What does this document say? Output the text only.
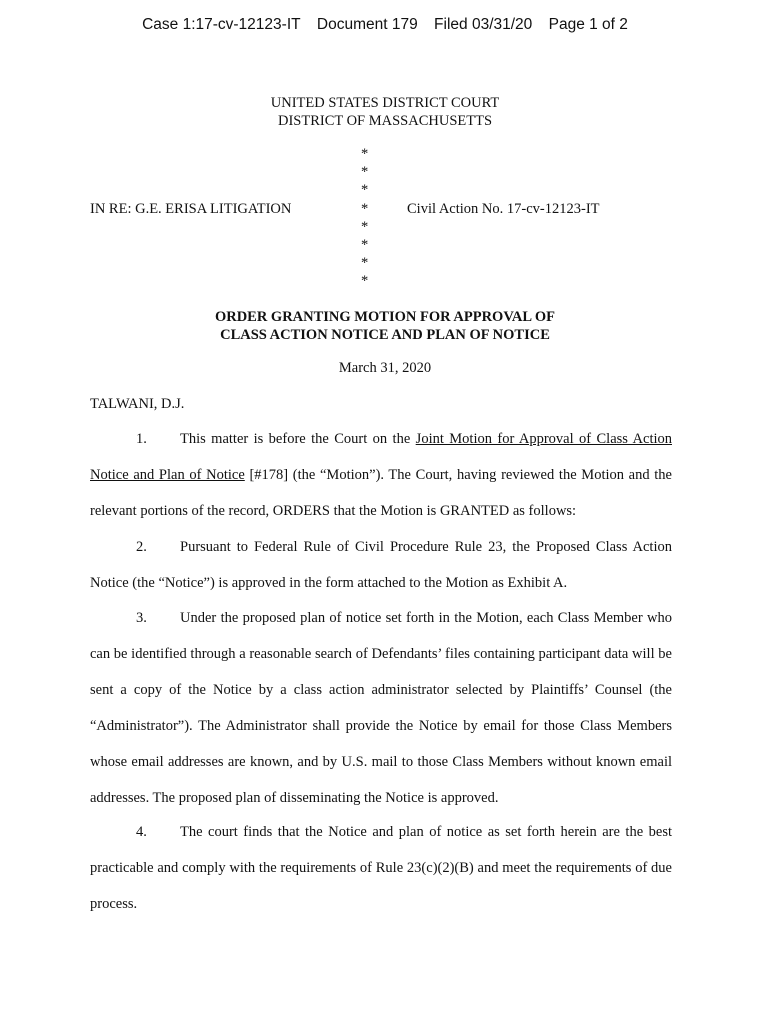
Case 1:17-cv-12123-IT Document 179 Filed 03/31/20 Page 1 of 2
UNITED STATES DISTRICT COURT
DISTRICT OF MASSACHUSETTS
*
*
*
*
*
*
*
*
IN RE: G.E. ERISA LITIGATION	Civil Action No. 17-cv-12123-IT
ORDER GRANTING MOTION FOR APPROVAL OF
CLASS ACTION NOTICE AND PLAN OF NOTICE
March 31, 2020
TALWANI, D.J.
1. This matter is before the Court on the Joint Motion for Approval of Class Action Notice and Plan of Notice [#178] (the “Motion”). The Court, having reviewed the Motion and the relevant portions of the record, ORDERS that the Motion is GRANTED as follows:
2. Pursuant to Federal Rule of Civil Procedure Rule 23, the Proposed Class Action Notice (the “Notice”) is approved in the form attached to the Motion as Exhibit A.
3. Under the proposed plan of notice set forth in the Motion, each Class Member who can be identified through a reasonable search of Defendants’ files containing participant data will be sent a copy of the Notice by a class action administrator selected by Plaintiffs’ Counsel (the “Administrator”). The Administrator shall provide the Notice by email for those Class Members whose email addresses are known, and by U.S. mail to those Class Members without known email addresses. The proposed plan of disseminating the Notice is approved.
4. The court finds that the Notice and plan of notice as set forth herein are the best practicable and comply with the requirements of Rule 23(c)(2)(B) and meet the requirements of due process.
